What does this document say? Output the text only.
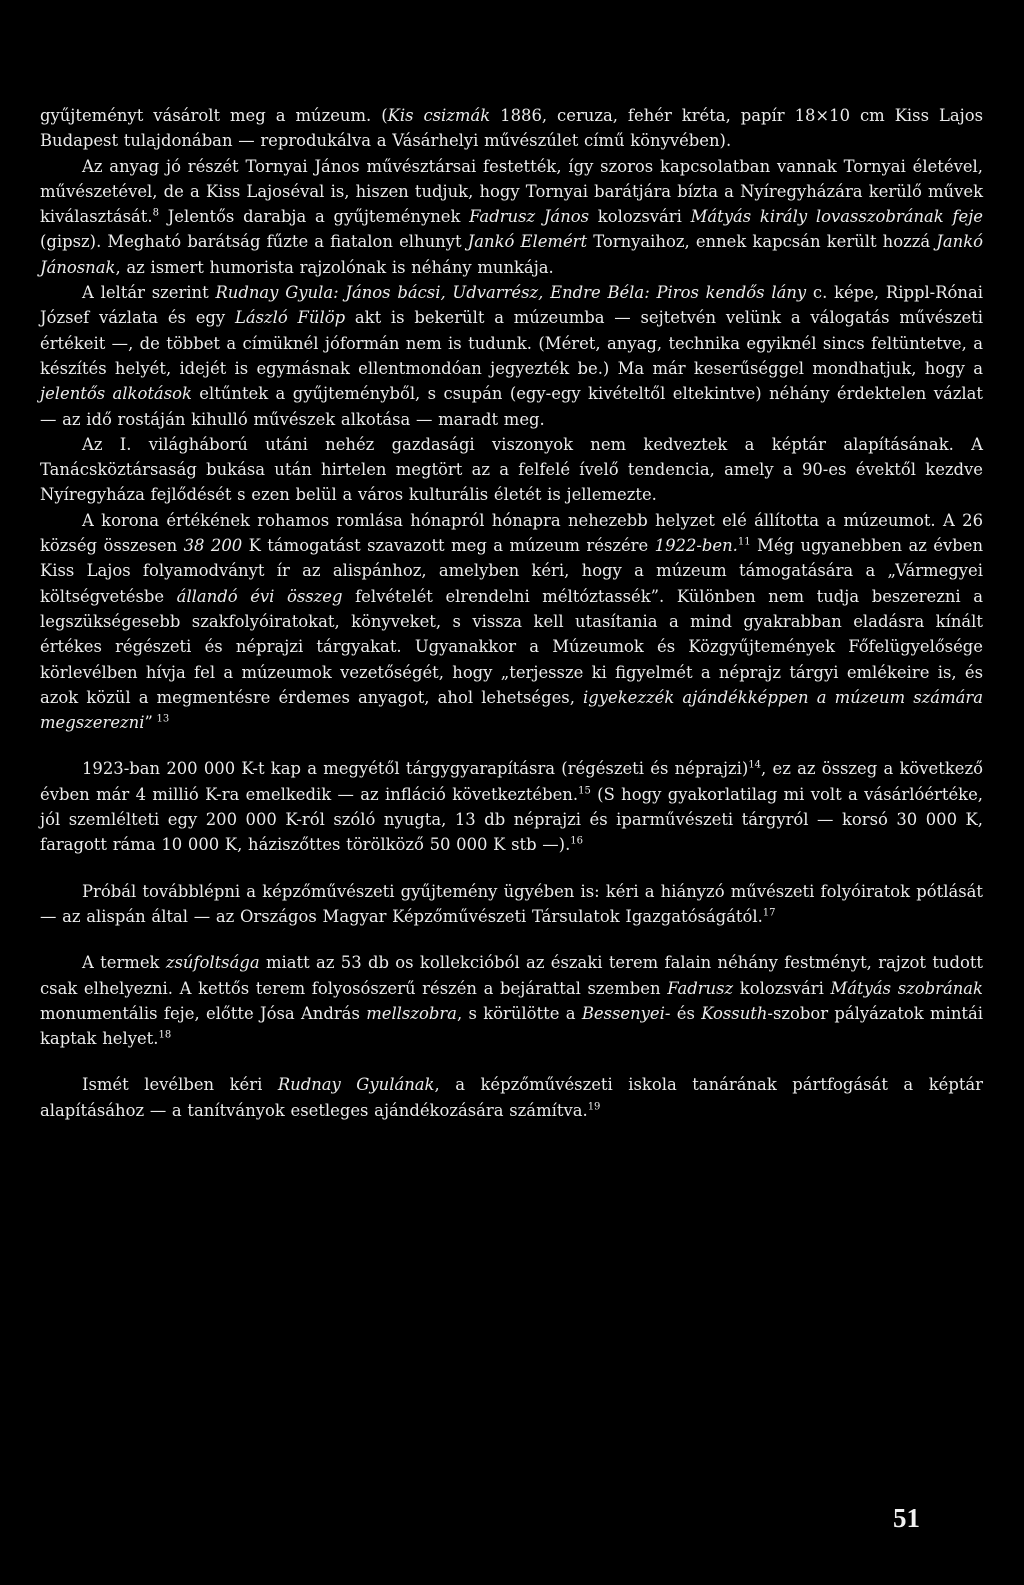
gyűjteményt vásárolt meg a múzeum. (Kis csizmák 1886, ceruza, fehér kréta, papír 18×10 cm Kiss Lajos Budapest tulajdonában — reprodukálva a Vásárhelyi művészúlet című könyvében).

Az anyag jó részét Tornyai János művésztársai festették, így szoros kapcsolatban vannak Tornyai életével, művészetével, de a Kiss Lajoséval is, hiszen tudjuk, hogy Tornyai barátjára bízta a Nyíregyházára kerülő művek kiválasztását.$^8$ Jelentős darabja a gyűjteménynek Fadrusz János kolozsvári Mátyás király lovasszobrának feje (gipsz). Megható barátság fűzte a fiatalon elhunyt Jankó Elemért Tornyaihoz, ennek kapcsán került hozzá Jankó Jánosnak, az ismert humorista rajzolónak is néhány munkája.

A leltár szerint Rudnay Gyula: János bácsi, Udvarrész, Endre Béla: Piros kendős lány c. képe, Rippl-Rónai József vázlata és egy László Fülöp akt is bekerült a múzeumba — sejtetvén velünk a válogatás művészeti értékeit —, de többet a címüknél jóformán nem is tudunk. (Méret, anyag, technika egyiknél sincs feltüntetve, a készítés helyét, idejét is egymásnak ellentmondóan jegyezték be.) Ma már keserűséggel mondhatjuk, hogy a jelentős alkotások eltűntek a gyűjteményből, s csupán (egy-egy kivételtől eltekintve) néhány érdektelen vázlat — az idő rostáján kihulló művészek alkotása — maradt meg.

Az I. világháború utáni nehéz gazdasági viszonyok nem kedveztek a képtár alapításának. A Tanácsköztársaság bukása után hirtelen megtört az a felfelé ívelő tendencia, amely a 90-es évektől kezdve Nyíregyháza fejlődését s ezen belül a város kulturális életét is jellemezte.

A korona értékének rohamos romlása hónapról hónapra nehezebb helyzet elé állította a múzeumot. A 26 község összesen 38 200 K támogatást szavazott meg a múzeum részére 1922-ben.$^{11}$ Még ugyanebben az évben Kiss Lajos folyamodványt ír az alispánhoz, amelyben kéri, hogy a múzeum támogatására a „Vármegyei költségvetésbe állandó évi összeg felvételét elrendelni méltóztassék”. Különben nem tudja beszerezni a legszükségesebb szakfolyóiratokat, könyveket, s vissza kell utasítania a mind gyakrabban eladásra kínált értékes régészeti és néprajzi tárgyakat. Ugyanakkor a Múzeumok és Közgyűjtemények Főfelügyelősége körlevélben hívja fel a múzeumok vezetőségét, hogy „terjessze ki figyelmét a néprajz tárgyi emlékeire is, és azok közül a megmentésre érdemes anyagot, ahol lehetséges, igyekezzék ajándékképpen a múzeum számára megszerezni” $^{13}$

1923-ban 200 000 K-t kap a megyétől tárgygyarapításra (régészeti és néprajzi)$^{14}$, ez az összeg a következő évben már 4 millió K-ra emelkedik — az infláció következtében.$^{15}$ (S hogy gyakorlatilag mi volt a vásárlóértéke, jól szemlélteti egy 200 000 K-ról szóló nyugta, 13 db néprajzi és iparművészeti tárgyról — korsó 30 000 K, faragott ráma 10 000 K, háziszőttes törölköző 50 000 K stb —).$^{16}$

Próbál továbblépni a képzőművészeti gyűjtemény ügyében is: kéri a hiányzó művészeti folyóiratok pótlását — az alispán által — az Országos Magyar Képzőművészeti Társulatok Igazgatóságától.$^{17}$

A termek zsúfoltsága miatt az 53 db os kollekcióból az északi terem falain néhány festményt, rajzot tudott csak elhelyezni. A kettős terem folyosószerű részén a bejárattal szemben Fadrusz kolozsvári Mátyás szobrának monumentális feje, előtte Jósa András mellszobra, s körülötte a Bessenyei- és Kossuth-szobor pályázatok mintái kaptak helyet.$^{18}$

Ismét levélben kéri Rudnay Gyulának, a képzőművészeti iskola tanárának pártfogását a képtár alapításához — a tanítványok esetleges ajándékozására számítva.$^{19}$

51
